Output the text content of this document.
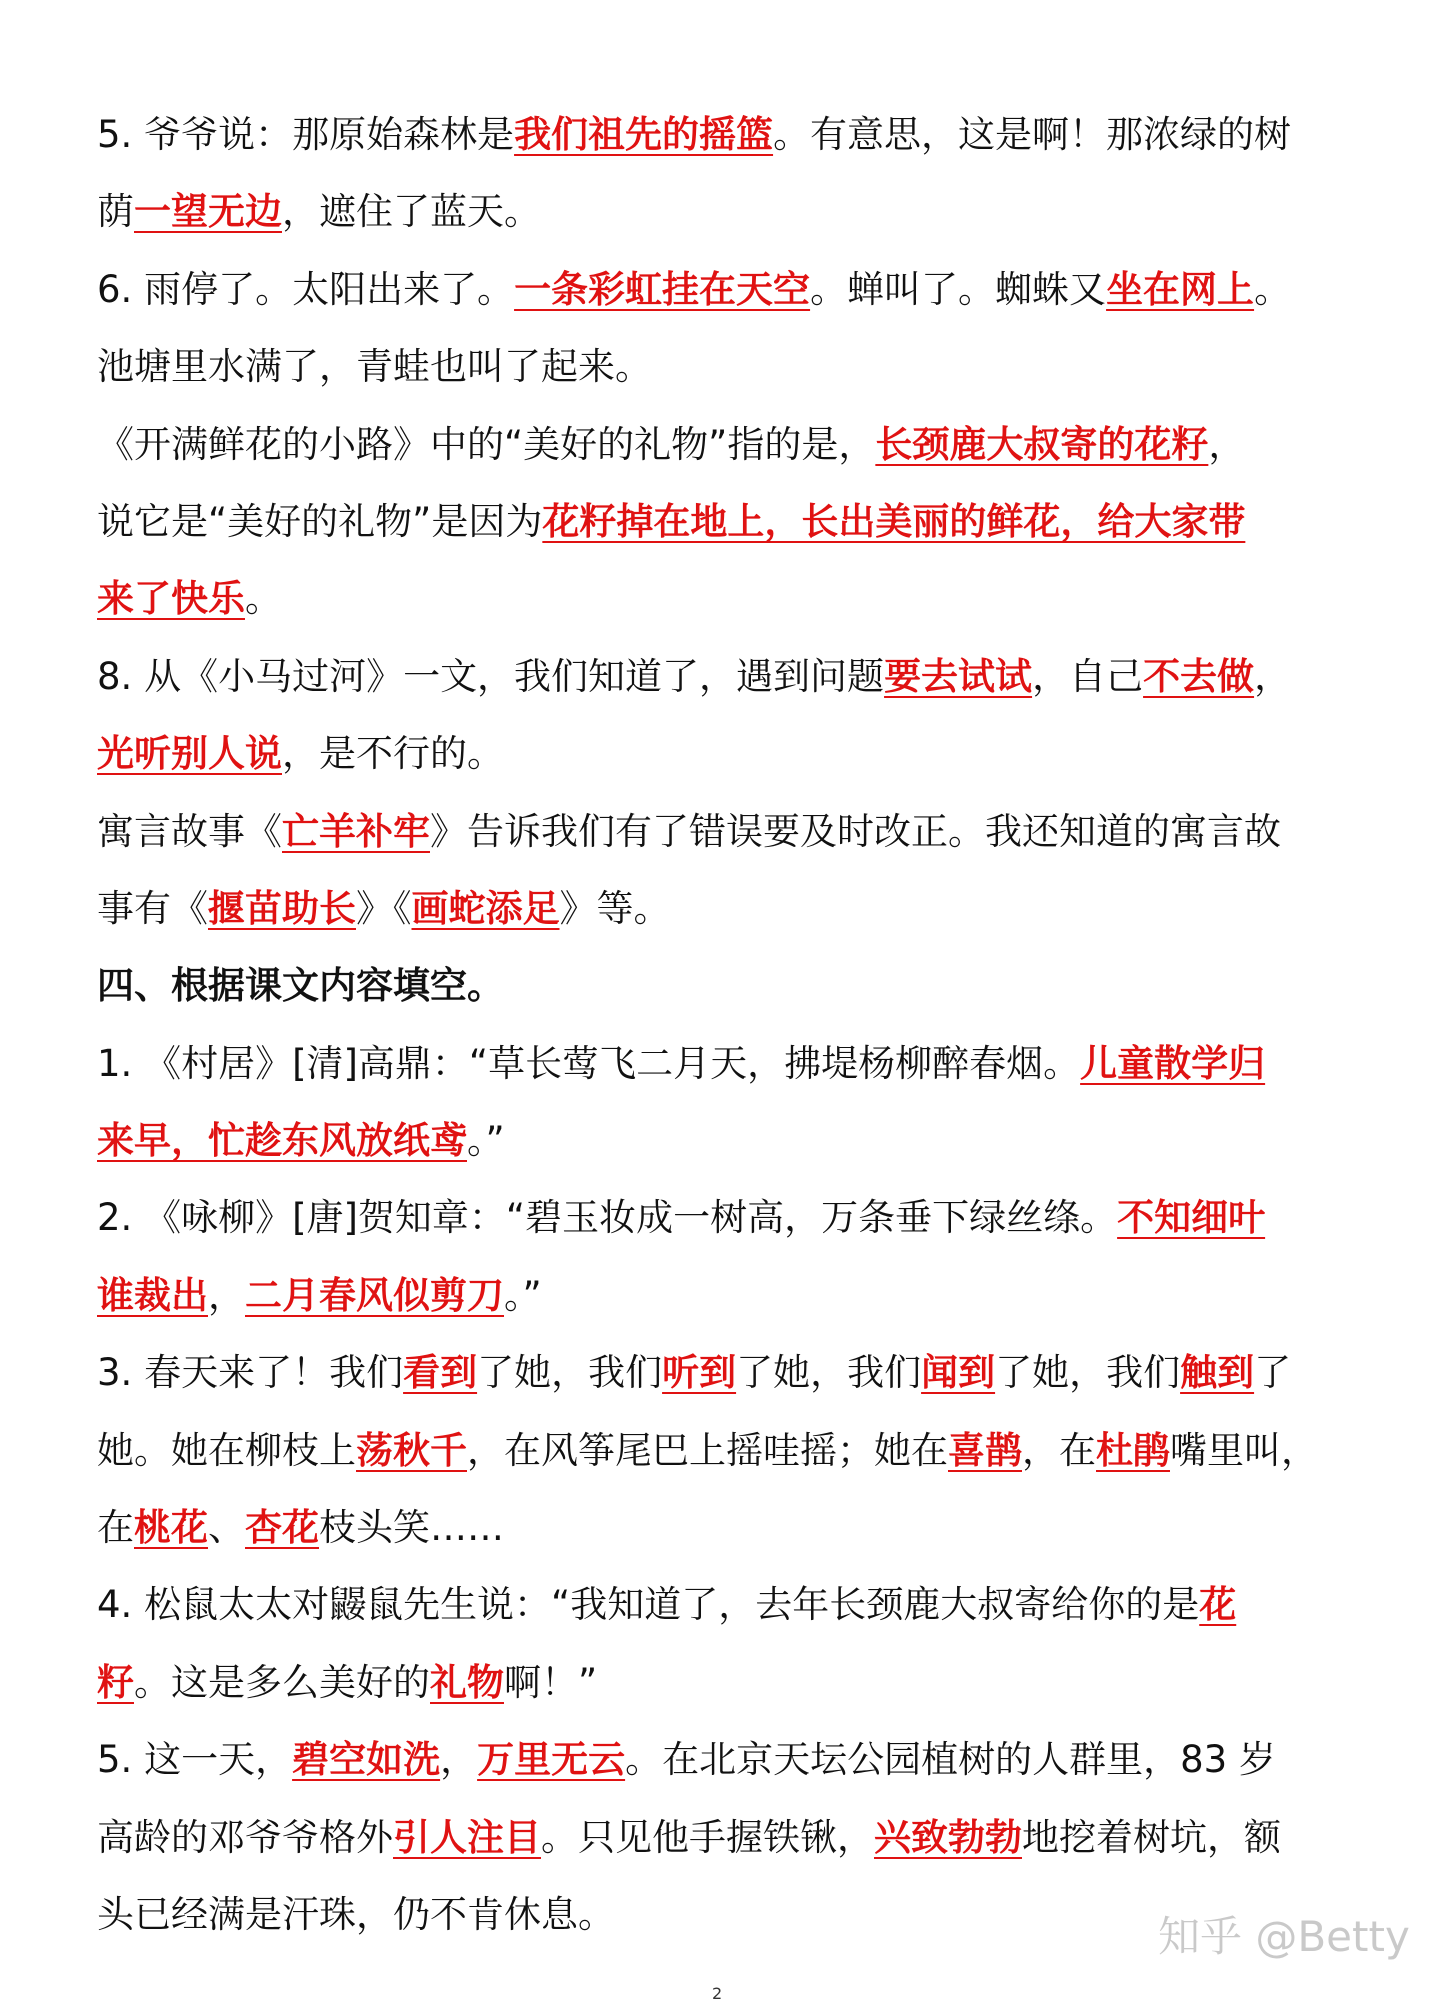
5. 爷爷说：那原始森林是我们祖先的摇篮。有意思，这是啊！那浓绿的树
荫一望无边，遮住了蓝天。
6. 雨停了。太阳出来了。一条彩虹挂在天空。蝉叫了。蜘蛛又坐在网上。
池塘里水满了，青蛙也叫了起来。
《开满鲜花的小路》中的“美好的礼物”指的是，长颈鹿大叔寄的花籽，
说它是“美好的礼物”是因为花籽掉在地上，长出美丽的鲜花，给大家带
来了快乐。
8. 从《小马过河》一文，我们知道了，遇到问题要去试试，自己不去做，
光听别人说，是不行的。
寓言故事《亡羊补牢》告诉我们有了错误要及时改正。我还知道的寓言故
事有《揠苗助长》《画蛇添足》等。
四、根据课文内容填空。
1. 《村居》[清]高鼎：“草长莺飞二月天，拂堤杨柳醉春烟。儿童散学归
来早，忙趁东风放纸鸢。”
2. 《咏柳》[唐]贺知章：“碧玉妆成一树高，万条垂下绿丝绦。不知细叶
谁裁出，二月春风似剪刀。”
3. 春天来了！我们看到了她，我们听到了她，我们闻到了她，我们触到了
她。她在柳枝上荡秋千，在风筝尾巴上摇哇摇；她在喜鹊，在杜鹃嘴里叫，
在桃花、杏花枝头笑……
4. 松鼠太太对鼹鼠先生说：“我知道了，去年长颈鹿大叔寄给你的是花
籽。这是多么美好的礼物啊！”
5. 这一天，碧空如洗，万里无云。在北京天坛公园植树的人群里，83 岁
高龄的邓爷爷格外引人注目。只见他手握铁锹，兴致勃勃地挖着树坑，额
头已经满是汗珠，仍不肯休息。	知乎 @Betty
2
